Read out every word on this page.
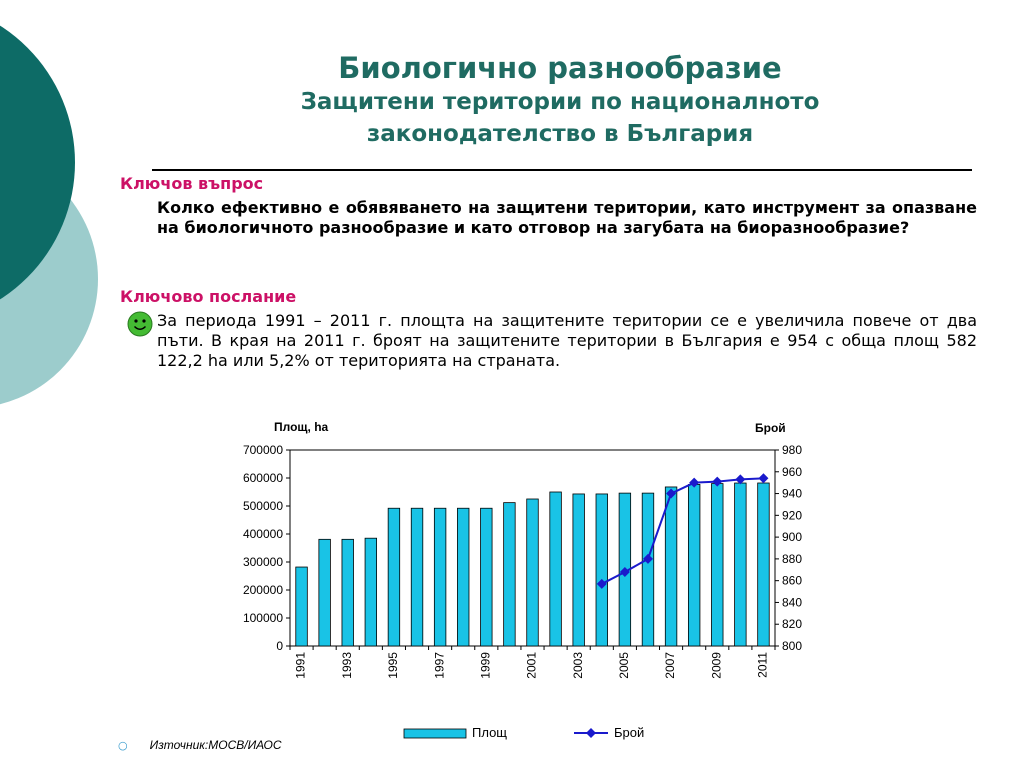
Биологично разнообразие
Защитени територии по националното
законодателство в България
Ключов въпрос
Колко ефективно е обявяването на защитени територии, като инструмент за опазване на биологичното разнообразие и като отговор на загубата на биоразнообразие?
Ключово послание
За периода 1991 – 2011 г. площта на защитените територии се е увеличила повече от два пъти. В края на 2011 г. броят на защитените територии в България е 954 с обща площ 582 122,2 ha или 5,2% от територията на страната.
700000
600000
500000
400000
300000
200000
100000
0
980
960
940
920
900
880
860
840
820
800
Площ, ha	Брой
1991	1993	1995	1997	1999	2001	2003	2005	2007	2009	2011
Площ	Брой
○ Източник:МОСВ/ИАОС
